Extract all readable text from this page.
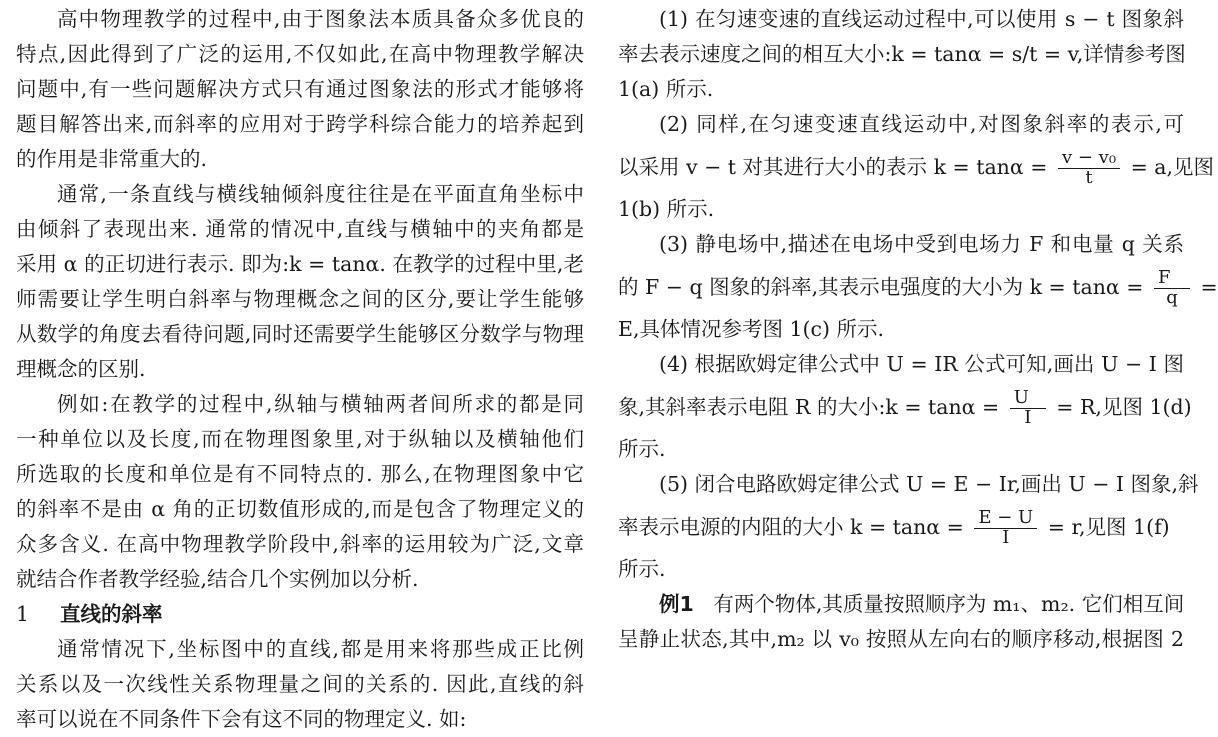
高中物理教学的过程中,由于图象法本质具备众多优良的
特点,因此得到了广泛的运用,不仅如此,在高中物理教学解决
问题中,有一些问题解决方式只有通过图象法的形式才能够将
题目解答出来,而斜率的应用对于跨学科综合能力的培养起到
的作用是非常重大的.
通常,一条直线与横线轴倾斜度往往是在平面直角坐标中
由倾斜了表现出来. 通常的情况中,直线与横轴中的夹角都是
采用 α 的正切进行表示. 即为:k = tanα. 在教学的过程中里,老
师需要让学生明白斜率与物理概念之间的区分,要让学生能够
从数学的角度去看待问题,同时还需要学生能够区分数学与物理
理概念的区别.
例如:在教学的过程中,纵轴与横轴两者间所求的都是同
一种单位以及长度,而在物理图象里,对于纵轴以及横轴他们
所选取的长度和单位是有不同特点的. 那么,在物理图象中它
的斜率不是由 α 角的正切数值形成的,而是包含了物理定义的
众多含义. 在高中物理教学阶段中,斜率的运用较为广泛,文章
就结合作者教学经验,结合几个实例加以分析.
1 直线的斜率
通常情况下,坐标图中的直线,都是用来将那些成正比例
关系以及一次线性关系物理量之间的关系的. 因此,直线的斜
率可以说在不同条件下会有这不同的物理定义. 如:
(1) 在匀速变速的直线运动过程中,可以使用 s − t 图象斜
率去表示速度之间的相互大小:k = tanα = s/t = v,详情参考图
1(a) 所示.
(2) 同样,在匀速变速直线运动中,对图象斜率的表示,可
以采用 v − t 对其进行大小的表示 $k = \tan\alpha = \frac{\text{v − v₀}}{t} = a$,见图
1(b) 所示.
(3) 静电场中,描述在电场中受到电场力 F 和电量 q 关系
的 F − q 图象的斜率,其表示电强度的大小为 $k = \tan\alpha = \frac{F}{q}$ =
E,具体情况参考图 1(c) 所示.
(4) 根据欧姆定律公式中 U = IR 公式可知,画出 U − I 图
象,其斜率表示电阻 R 的大小:k = $\tan\alpha = \frac{U}{I} = R$,见图 1(d)
所示.
(5) 闭合电路欧姆定律公式 U = E − Ir,画出 U − I 图象,斜
率表示电源的内阻的大小 $k = \tan\alpha = \frac{E - U}{I} = r$,见图 1(f)
所示.
例1 有两个物体,其质量按照顺序为 m₁、m₂. 它们相互间
呈静止状态,其中,m₂ 以 v₀ 按照从左向右的顺序移动,根据图 2
